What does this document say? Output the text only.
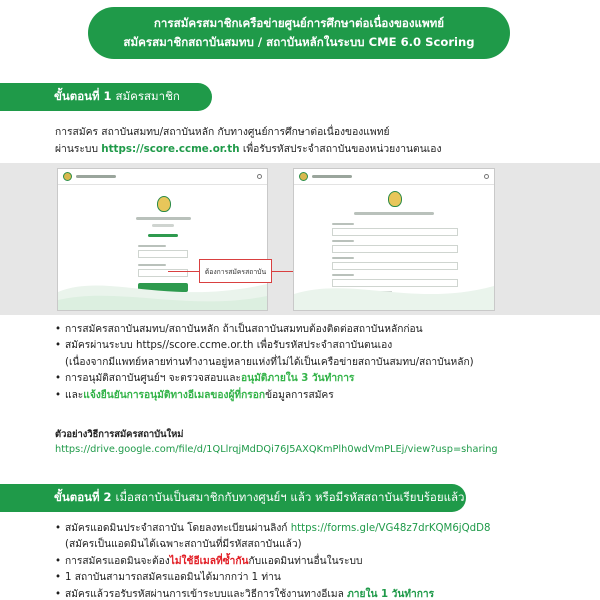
การสมัครสมาชิกเครือข่ายศูนย์การศึกษาต่อเนื่องของแพทย์
สมัครสมาชิกสถาบันสมทบ / สถาบันหลักในระบบ CME 6.0 Scoring
ขั้นตอนที่ 1 สมัครสมาชิก
การสมัคร สถาบันสมทบ/สถาบันหลัก กับทางศูนย์การศึกษาต่อเนื่องของแพทย์
ผ่านระบบ https://score.ccme.or.th เพื่อรับรหัสประจำสถาบันของหน่วยงานตนเอง
ต้องการสมัครสถาบัน
• การสมัครสถาบันสมทบ/สถาบันหลัก ถ้าเป็นสถาบันสมทบต้องติดต่อสถาบันหลักก่อน
• สมัครผ่านระบบ https//score.ccme.or.th เพื่อรับรหัสประจำสถาบันตนเอง
(เนื่องจากมีแพทย์หลายท่านทำงานอยู่หลายแห่งที่ไม่ได้เป็นเครือข่ายสถาบันสมทบ/สถาบันหลัก)
• การอนุมัติสถาบันศูนย์ฯ จะตรวจสอบและอนุมัติภายใน 3 วันทำการ
• และแจ้งยืนยันการอนุมัติทางอีเมลของผู้ที่กรอกข้อมูลการสมัคร
ตัวอย่างวิธีการสมัครสถาบันใหม่
https://drive.google.com/file/d/1QLlrqjMdDQi76J5AXQKmPlh0wdVmPLEj/view?usp=sharing
ขั้นตอนที่ 2 เมื่อสถาบันเป็นสมาชิกกับทางศูนย์ฯ แล้ว หรือมีรหัสสถาบันเรียบร้อยแล้ว
• สมัครแอดมินประจำสถาบัน โดยลงทะเบียนผ่านลิงก์ https://forms.gle/VG48z7drKQM6jQdD8
(สมัครเป็นแอดมินได้เฉพาะสถาบันที่มีรหัสสถาบันแล้ว)
• การสมัครแอดมินจะต้องไม่ใช้อีเมลที่ซ้ำกันกับแอดมินท่านอื่นในระบบ
• 1 สถาบันสามารถสมัครแอดมินได้มากกว่า 1 ท่าน
• สมัครแล้วรอรับรหัสผ่านการเข้าระบบและวิธีการใช้งานทางอีเมล ภายใน 1 วันทำการ
